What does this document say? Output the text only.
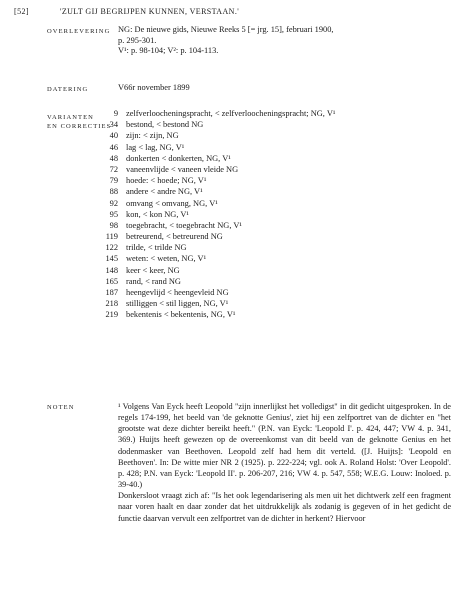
[52]	'ZULT GIJ BEGRIJPEN KUNNEN, VERSTAAN.'
OVERLEVERING NG: De nieuwe gids, Nieuwe Reeks 5 [= jrg. 15], februari 1900,

p. 295-301.

V¹: p. 98-104; V²: p. 104-113.

DATERING	V66r november 1899

VARIANTEN
EN CORRECTIES
9 zelfverloocheningspracht, < zelfverloocheningspracht; NG, V¹
34 bestond, < bestond NG
40 zijn: < zijn, NG
46 lag < lag, NG, V¹
48 donkerten < donkerten, NG, V¹
72 vaneenvlijde < vaneen vleide NG
79 hoede: < hoede; NG, V¹
88 andere < andre NG, V¹
92 omvang < omvang, NG, V¹
95 kon, < kon NG, V¹
98 toegebracht, < toegebracht NG, V¹
119 betreurend, < betreurend NG
122 trilde, < trilde NG
145 weten: < weten, NG, V¹
148 keer < keer, NG
165 rand, < rand NG
187 heengevlijd < heengevleid NG
218 stilliggen < stil liggen, NG, V¹
219 bekentenis < bekentenis, NG, V¹
NOTEN	¹ Volgens Van Eyck heeft Leopold "zijn innerlijkst het volledigst" in dit gedicht uitgesproken. In de regels 174-199, het beeld van 'de geknotte Genius', ziet hij een zelfportret van de dichter en "het grootste wat deze dichter bereikt heeft." (P.N. van Eyck: 'Leopold I'. p. 424, 447; VW 4. p. 341, 369.) Huijts heeft gewezen op de overeenkomst van dit beeld van de geknotte Genius en het dodenmasker van Beethoven. Leopold zelf had hem dit verteld. ([J. Huijts]: 'Leopold en Beethoven'. In: De witte mier NR 2 (1925). p. 222-224; vgl. ook A. Roland Holst: 'Over Leopold'. p. 428; P.N. van Eyck: 'Leopold II'. p. 206-207, 216; VW 4. p. 547, 558; W.E.G. Louw: Inoloed. p. 39-40.)

Donkersloot vraagt zich af: "Is het ook legendarisering als men uit het dichtwerk zelf een fragment naar voren haalt en daar zonder dat het uitdrukkelijk als zodanig is gegeven of in het gedicht de functie daarvan vervult een zelfportret van de dichter in herkent? Hiervoor
